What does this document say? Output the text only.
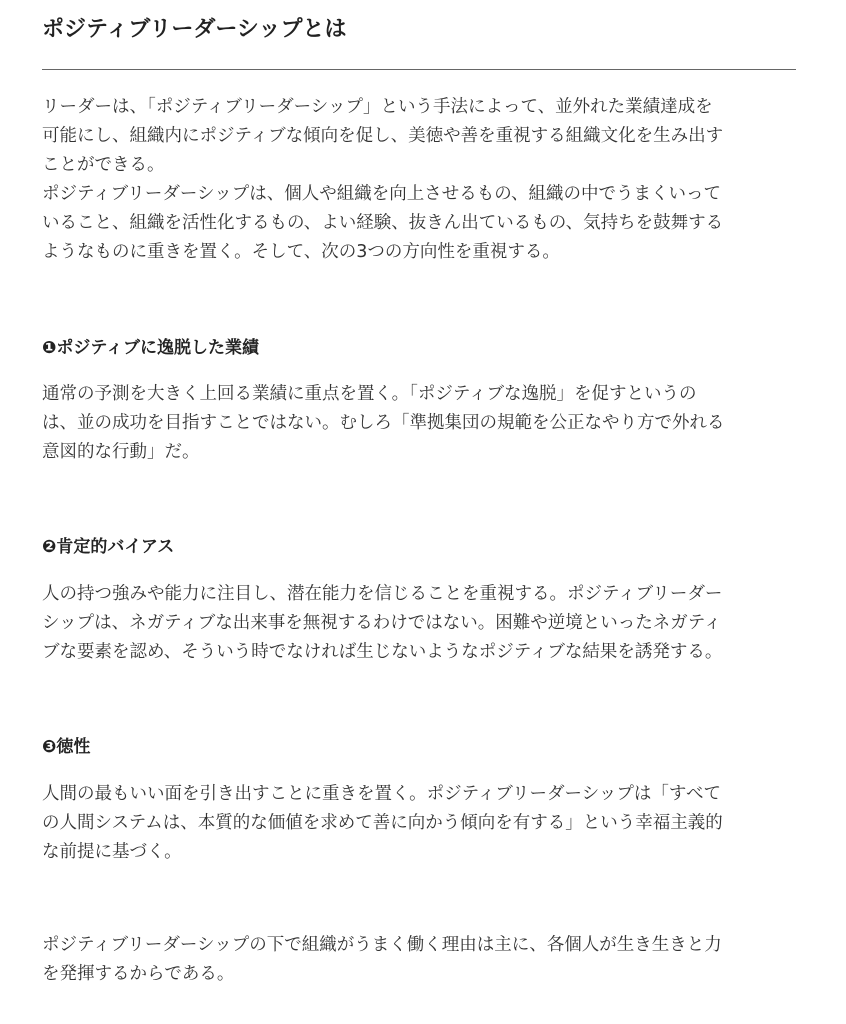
ポジティブリーダーシップとは

リーダーは、「ポジティブリーダーシップ」という手法によって、並外れた業績達成を
可能にし、組織内にポジティブな傾向を促し、美徳や善を重視する組織文化を生み出す
ことができる。
ポジティブリーダーシップは、個人や組織を向上させるもの、組織の中でうまくいって
いること、組織を活性化するもの、よい経験、抜きん出ているもの、気持ちを鼓舞する
ようなものに重きを置く。そして、次の3つの方向性を重視する。

❶ポジティブに逸脱した業績

通常の予測を大きく上回る業績に重点を置く。「ポジティブな逸脱」を促すというの
は、並の成功を目指すことではない。むしろ「準拠集団の規範を公正なやり方で外れる
意図的な行動」だ。

❷肯定的バイアス

人の持つ強みや能力に注目し、潜在能力を信じることを重視する。ポジティブリーダー
シップは、ネガティブな出来事を無視するわけではない。困難や逆境といったネガティ
ブな要素を認め、そういう時でなければ生じないようなポジティブな結果を誘発する。

❸徳性

人間の最もいい面を引き出すことに重きを置く。ポジティブリーダーシップは「すべて
の人間システムは、本質的な価値を求めて善に向かう傾向を有する」という幸福主義的
な前提に基づく。

ポジティブリーダーシップの下で組織がうまく働く理由は主に、各個人が生き生きと力
を発揮するからである。
